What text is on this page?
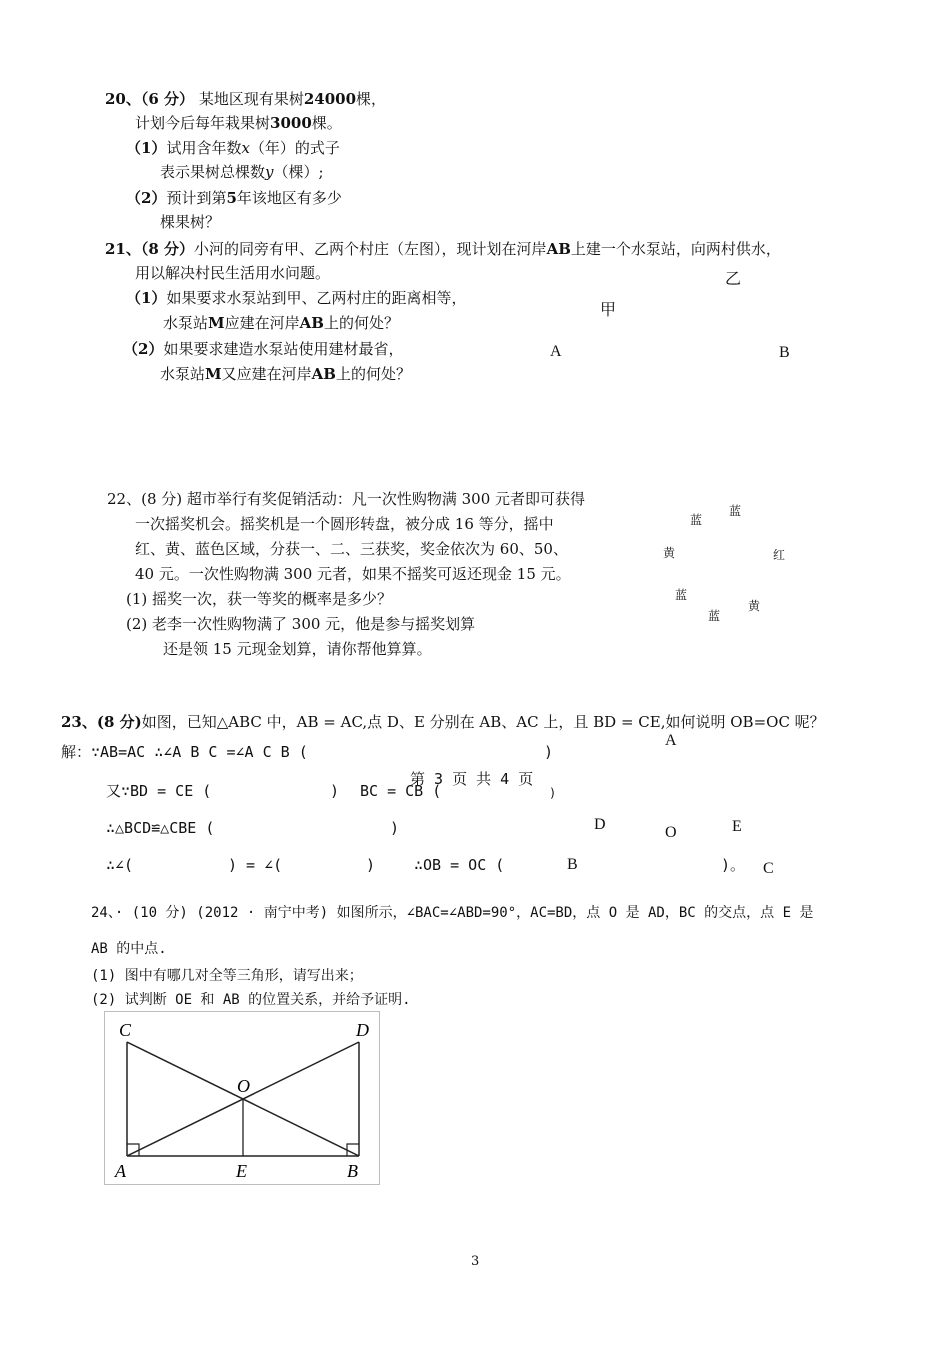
20、（6 分） 某地区现有果树24000棵，
计划今后每年栽果树3000棵。
（1）试用含年数x（年）的式子
表示果树总棵数y（棵）;
（2）预计到第5年该地区有多少
棵果树？
21、（8 分）小河的同旁有甲、乙两个村庄（左图），现计划在河岸AB上建一个水泵站，向两村供水，
用以解决村民生活用水问题。
（1）如果要求水泵站到甲、乙两村庄的距离相等，
水泵站M应建在河岸AB上的何处？
（2）如果要求建造水泵站使用建材最省，
水泵站M又应建在河岸AB上的何处？
甲
乙
A	B
22、(8 分) 超市举行有奖促销活动：凡一次性购物满 300 元者即可获得
一次摇奖机会。摇奖机是一个圆形转盘，被分成 16 等分，摇中
红、黄、蓝色区域，分获一、二、三获奖，奖金依次为 60、50、
40 元。一次性购物满 300 元者，如果不摇奖可返还现金 15 元。
(1) 摇奖一次，获一等奖的概率是多少？
(2) 老李一次性购物满了 300 元，他是参与摇奖划算
还是领 15 元现金划算，请你帮他算算。
蓝
蓝
黄	红
蓝
蓝
黄
23、(8 分)如图，已知△ABC 中，AB = AC,点 D、E 分别在 AB、AC 上，且 BD = CE,如何说明 OB=OC 呢？
解：∵AB=AC ∴∠A B C =∠A C B (	)
第 3 页 共 4 页
又∵BD = CE (	) BC = CB (	)
∴△BCD≌△CBE (	)
∴∠(	) = ∠(	)	∴OB = OC (	)。
A
D	O	E
B	C
24、· (10 分) (2012 · 南宁中考) 如图所示，∠BAC=∠ABD=90°，AC=BD，点 O 是 AD，BC 的交点，点 E 是
AB 的中点.
(1) 图中有哪几对全等三角形，请写出来；
(2) 试判断 OE 和 AB 的位置关系，并给予证明.
C	D
O
A	E	B
3
